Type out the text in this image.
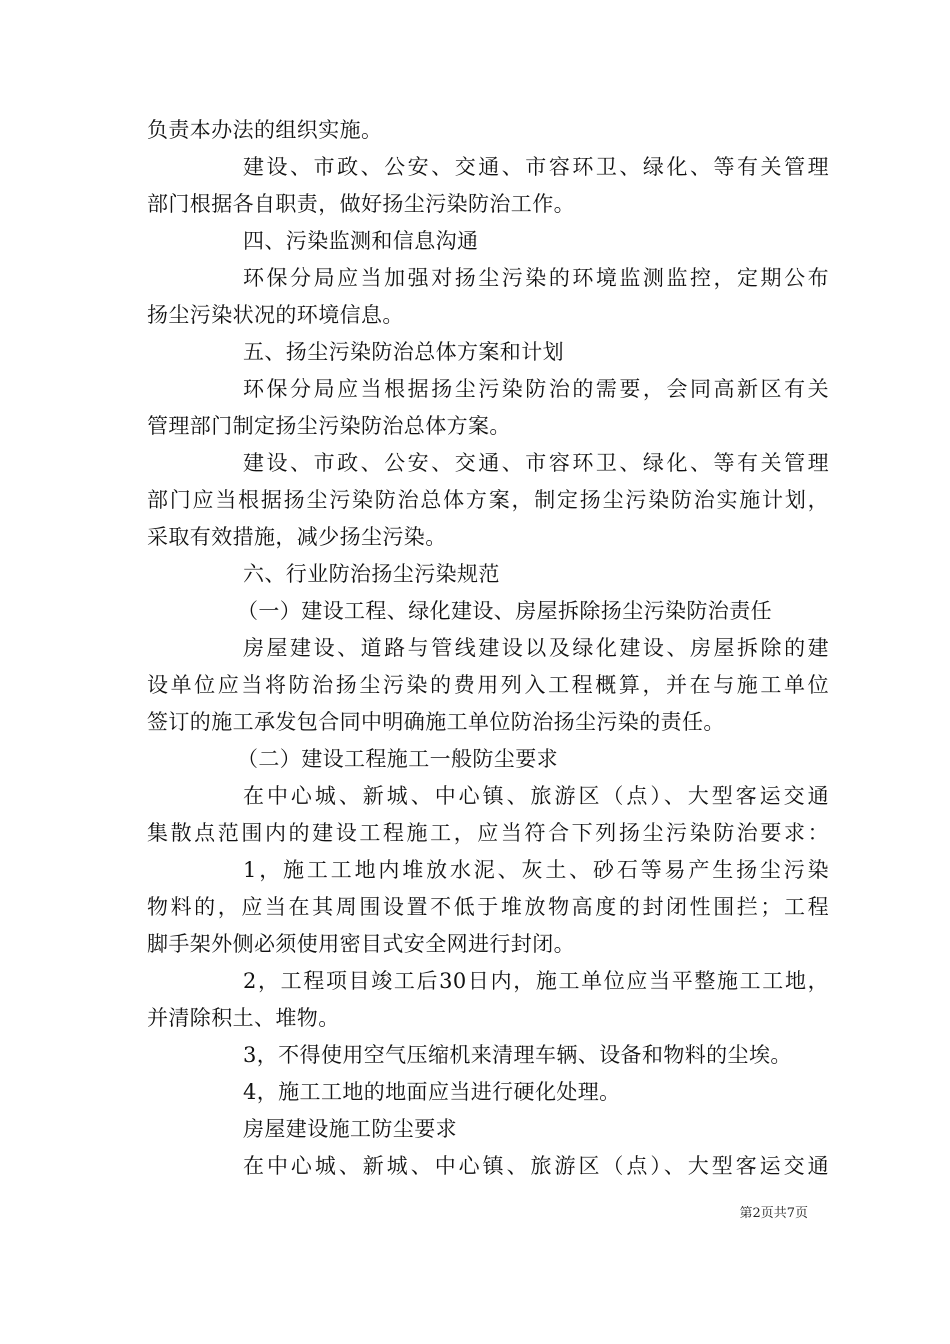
负责本办法的组织实施。
建设、市政、公安、交通、市容环卫、绿化、等有关管理
部门根据各自职责，做好扬尘污染防治工作。
四、污染监测和信息沟通
环保分局应当加强对扬尘污染的环境监测监控，定期公布
扬尘污染状况的环境信息。
五、扬尘污染防治总体方案和计划
环保分局应当根据扬尘污染防治的需要，会同高新区有关
管理部门制定扬尘污染防治总体方案。
建设、市政、公安、交通、市容环卫、绿化、等有关管理
部门应当根据扬尘污染防治总体方案，制定扬尘污染防治实施计划，
采取有效措施，减少扬尘污染。
六、行业防治扬尘污染规范
（一）建设工程、绿化建设、房屋拆除扬尘污染防治责任
房屋建设、道路与管线建设以及绿化建设、房屋拆除的建
设单位应当将防治扬尘污染的费用列入工程概算，并在与施工单位
签订的施工承发包合同中明确施工单位防治扬尘污染的责任。
（二）建设工程施工一般防尘要求
在中心城、新城、中心镇、旅游区（点）、大型客运交通
集散点范围内的建设工程施工，应当符合下列扬尘污染防治要求：
1，施工工地内堆放水泥、灰土、砂石等易产生扬尘污染
物料的，应当在其周围设置不低于堆放物高度的封闭性围拦；工程
脚手架外侧必须使用密目式安全网进行封闭。
2，工程项目竣工后30日内，施工单位应当平整施工工地，
并清除积土、堆物。
3，不得使用空气压缩机来清理车辆、设备和物料的尘埃。
4，施工工地的地面应当进行硬化处理。
房屋建设施工防尘要求
在中心城、新城、中心镇、旅游区（点）、大型客运交通
第2页共7页
